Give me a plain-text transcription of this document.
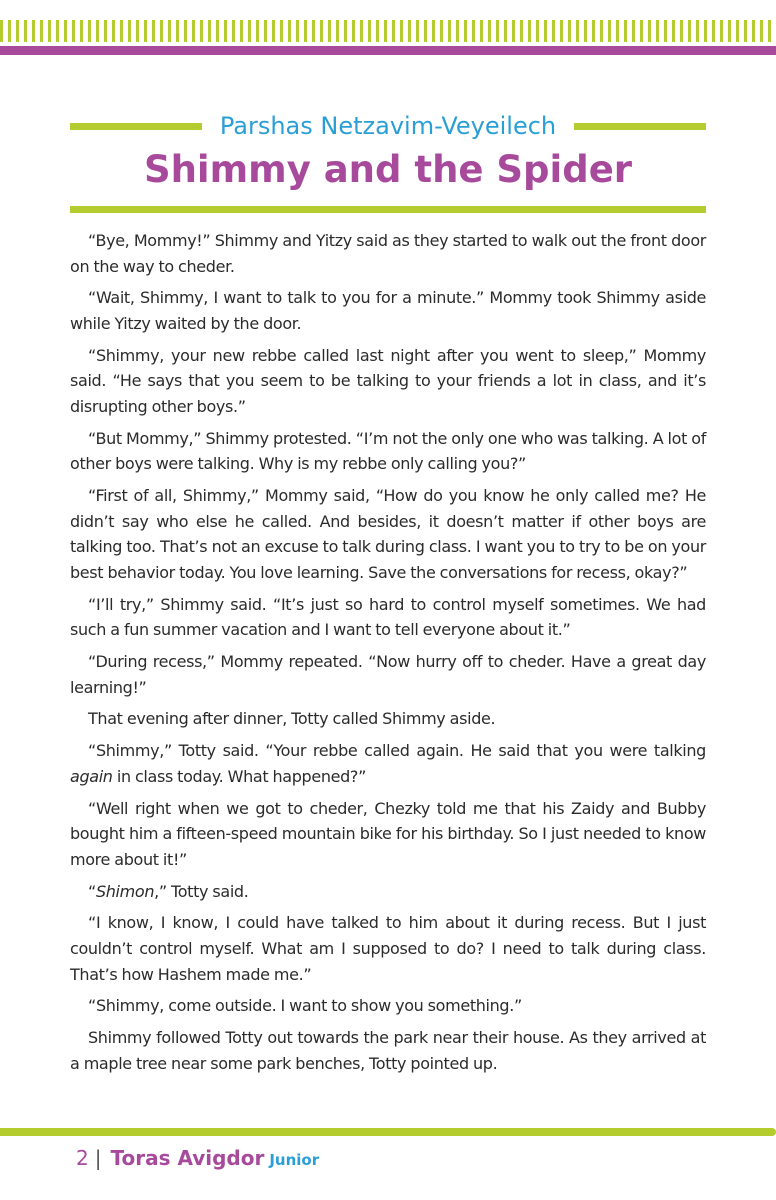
Parshas Netzavim-Veyeilech
Shimmy and the Spider

“Bye, Mommy!” Shimmy and Yitzy said as they started to walk out the front door on the way to cheder.

“Wait, Shimmy, I want to talk to you for a minute.” Mommy took Shimmy aside while Yitzy waited by the door.

“Shimmy, your new rebbe called last night after you went to sleep,” Mommy said. “He says that you seem to be talking to your friends a lot in class, and it’s disrupting other boys.”

“But Mommy,” Shimmy protested. “I’m not the only one who was talking. A lot of other boys were talking. Why is my rebbe only calling you?”

“First of all, Shimmy,” Mommy said, “How do you know he only called me? He didn’t say who else he called. And besides, it doesn’t matter if other boys are talking too. That’s not an excuse to talk during class. I want you to try to be on your best behavior today. You love learning. Save the conversations for recess, okay?”

“I’ll try,” Shimmy said. “It’s just so hard to control myself sometimes. We had such a fun summer vacation and I want to tell everyone about it.”

“During recess,” Mommy repeated. “Now hurry off to cheder. Have a great day learning!”

That evening after dinner, Totty called Shimmy aside.

“Shimmy,” Totty said. “Your rebbe called again. He said that you were talking again in class today. What happened?”

“Well right when we got to cheder, Chezky told me that his Zaidy and Bubby bought him a fifteen-speed mountain bike for his birthday. So I just needed to know more about it!”

“Shimon,” Totty said.

“I know, I know, I could have talked to him about it during recess. But I just couldn’t control myself. What am I supposed to do? I need to talk during class. That’s how Hashem made me.”

“Shimmy, come outside. I want to show you something.”

Shimmy followed Totty out towards the park near their house. As they arrived at a maple tree near some park benches, Totty pointed up.

2 | Toras Avigdor Junior
